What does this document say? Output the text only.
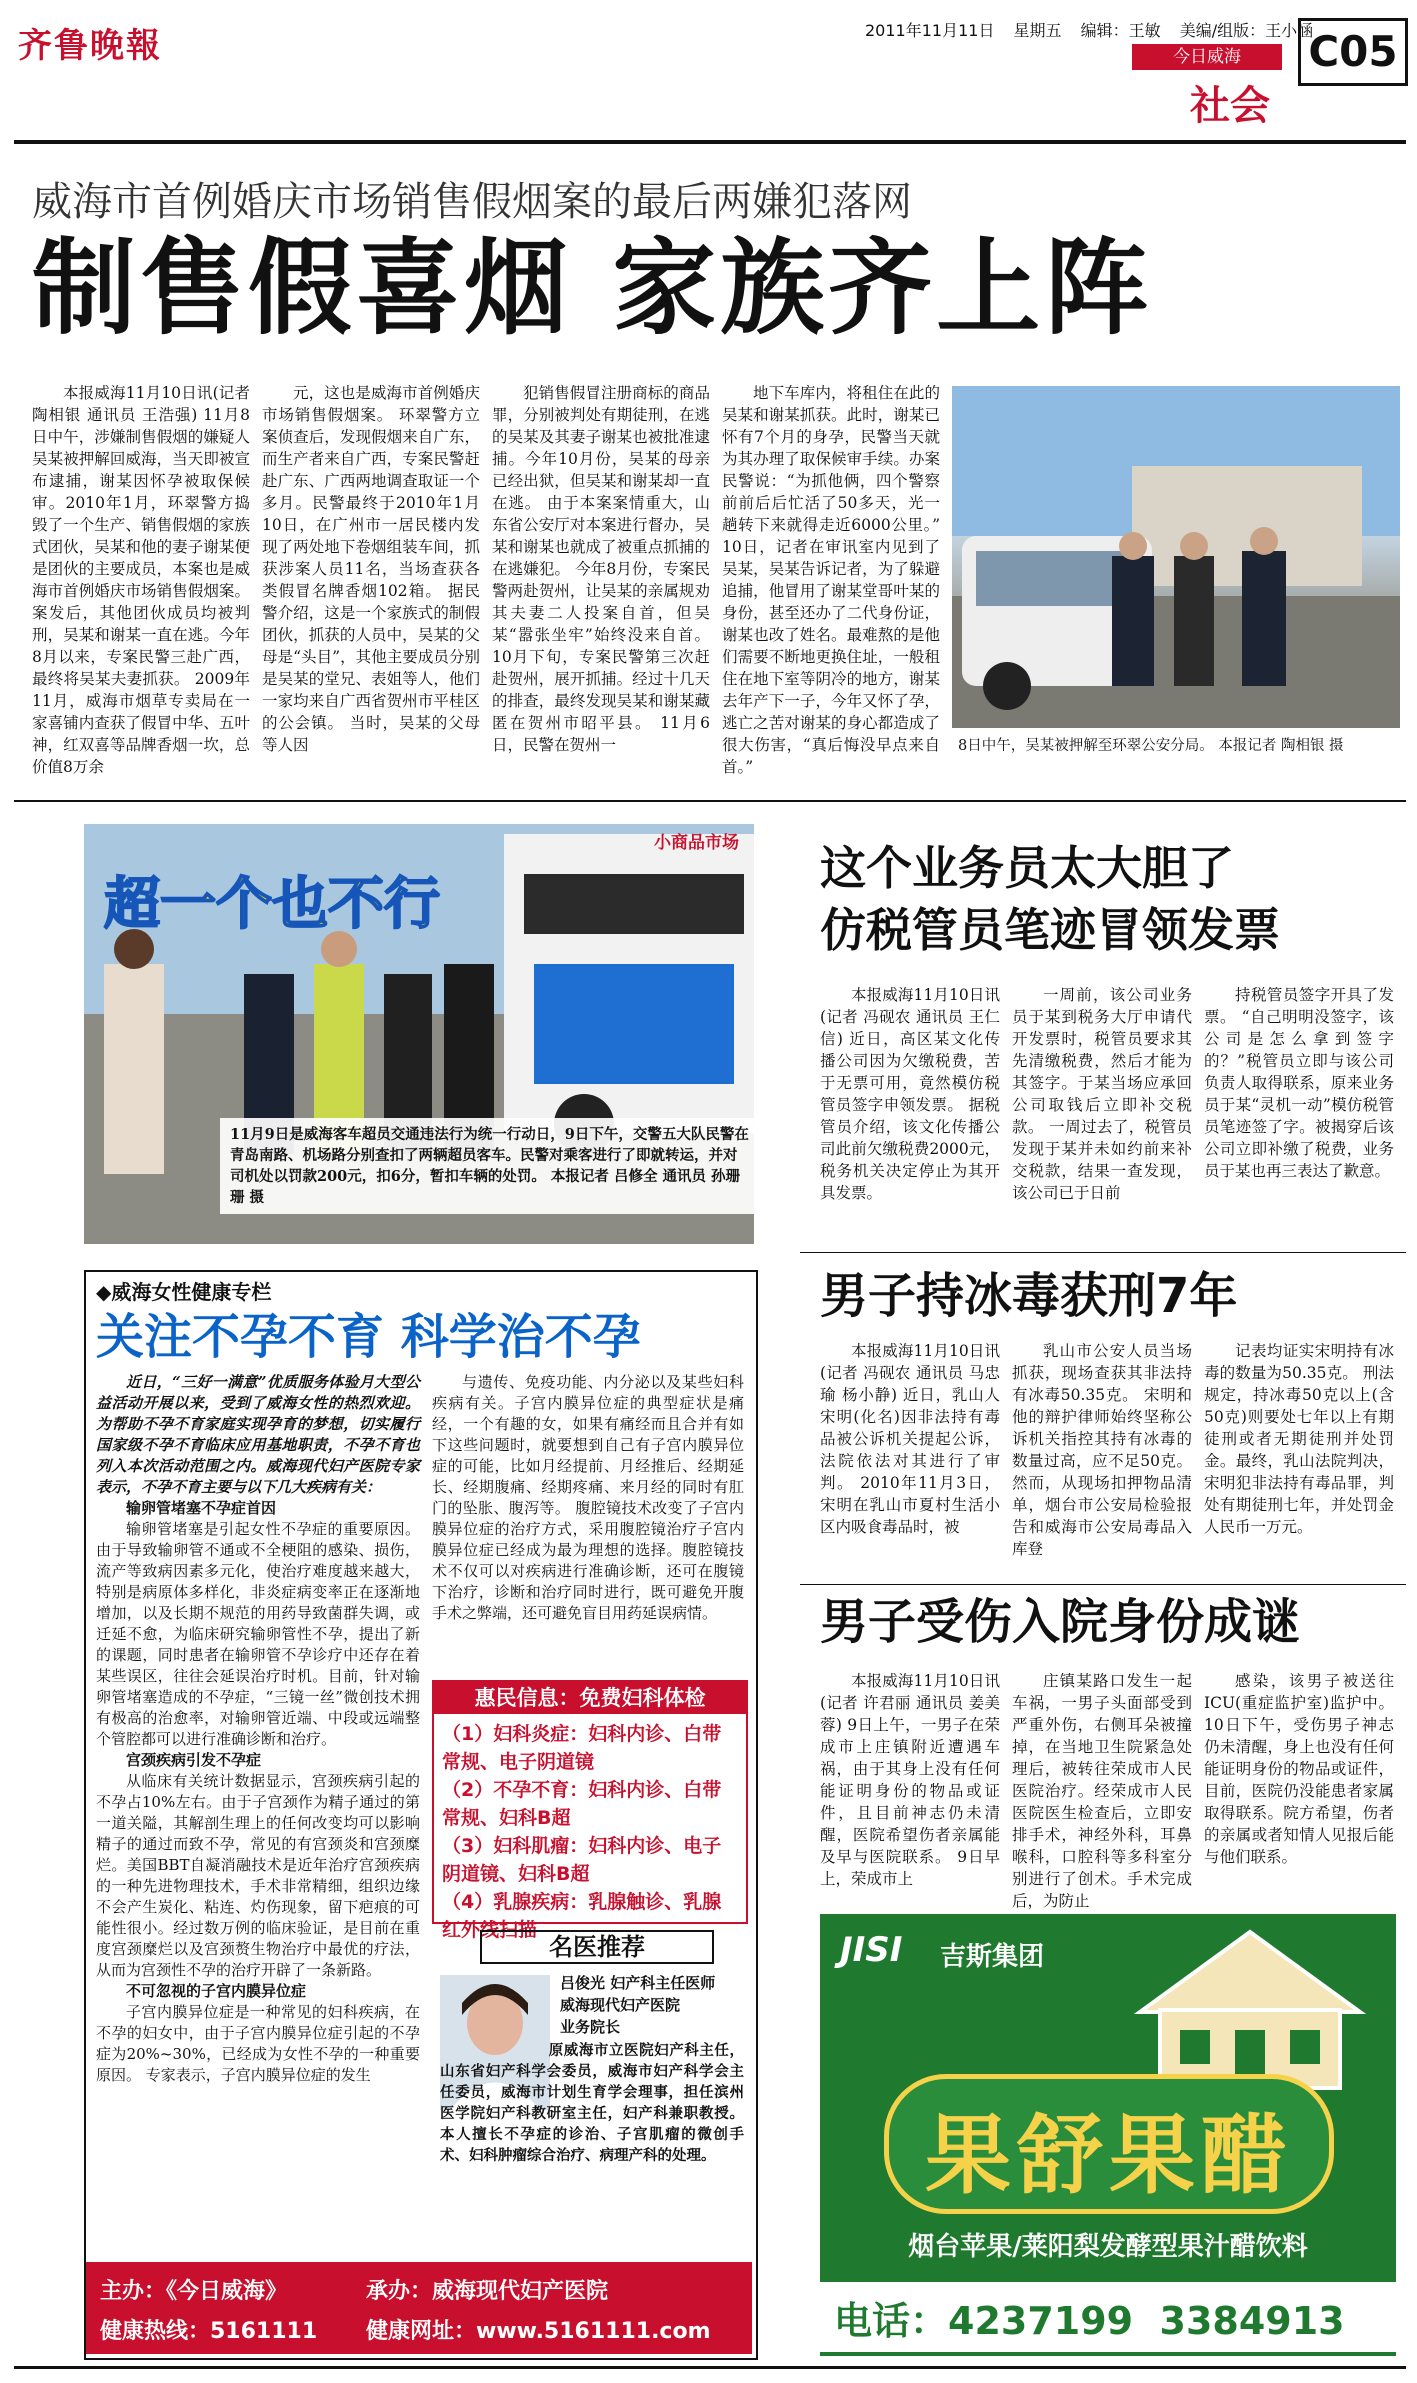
齐鲁晚報	2011年11月11日 星期五 编辑：王敏 美编/组版：王小涵
今日威海
社会
C05
威海市首例婚庆市场销售假烟案的最后两嫌犯落网
制售假喜烟 家族齐上阵

本报威海11月10日讯(记者 陶相银 通讯员 王浩强) 11月8日中午，涉嫌制售假烟的嫌疑人吴某被押解回威海，当天即被宣布逮捕，谢某因怀孕被取保候审。2010年1月，环翠警方捣毁了一个生产、销售假烟的家族式团伙，吴某和他的妻子谢某便是团伙的主要成员，本案也是威海市首例婚庆市场销售假烟案。案发后，其他团伙成员均被判刑，吴某和谢某一直在逃。今年8月以来，专案民警三赴广西，最终将吴某夫妻抓获。 2009年11月，威海市烟草专卖局在一家喜铺内查获了假冒中华、五叶神，红双喜等品牌香烟一坎，总价值8万余

元，这也是威海市首例婚庆市场销售假烟案。 环翠警方立案侦查后，发现假烟来自广东，而生产者来自广西，专案民警赶赴广东、广西两地调查取证一个多月。民警最终于2010年1月10日，在广州市一居民楼内发现了两处地下卷烟组装车间，抓获涉案人员11名，当场查获各类假冒名牌香烟102箱。 据民警介绍，这是一个家族式的制假团伙，抓获的人员中，吴某的父母是“头目”，其他主要成员分别是吴某的堂兄、表姐等人，他们一家均来自广西省贺州市平桂区的公会镇。 当时，吴某的父母等人因

犯销售假冒注册商标的商品罪，分别被判处有期徒刑，在逃的吴某及其妻子谢某也被批准逮捕。今年10月份，吴某的母亲已经出狱，但吴某和谢某却一直在逃。 由于本案案情重大，山东省公安厅对本案进行督办，吴某和谢某也就成了被重点抓捕的在逃嫌犯。 今年8月份，专案民警两赴贺州，让吴某的亲属规劝其夫妻二人投案自首，但吴某“嚣张坐牢”始终没来自首。10月下旬，专案民警第三次赶赴贺州，展开抓捕。经过十几天的排查，最终发现吴某和谢某藏匿在贺州市昭平县。 11月6日，民警在贺州一

地下车库内，将租住在此的吴某和谢某抓获。此时，谢某已怀有7个月的身孕，民警当天就为其办理了取保候审手续。办案民警说：“为抓他俩，四个警察前前后后忙活了50多天，光一趟转下来就得走近6000公里。” 10日，记者在审讯室内见到了吴某，吴某告诉记者，为了躲避追捕，他冒用了谢某堂哥叶某的身份，甚至还办了二代身份证，谢某也改了姓名。最难熬的是他们需要不断地更换住址，一般租住在地下室等阴冷的地方，谢某去年产下一子，今年又怀了孕，逃亡之苦对谢某的身心都造成了很大伤害，“真后悔没早点来自首。”

8日中午，吴某被押解至环翠公安分局。 本报记者 陶相银 摄
超一个也不行
小商品市场
11月9日是威海客车超员交通违法行为统一行动日，9日下午，交警五大队民警在青岛南路、机场路分别查扣了两辆超员客车。民警对乘客进行了即就转运，并对司机处以罚款200元，扣6分，暂扣车辆的处罚。 本报记者 吕修全 通讯员 孙珊珊 摄
◆威海女性健康专栏
关注不孕不育 科学治不孕

近日，“三好一满意”优质服务体验月大型公益活动开展以来，受到了威海女性的热烈欢迎。为帮助不孕不育家庭实现孕育的梦想，切实履行国家级不孕不育临床应用基地职责，不孕不育也列入本次活动范围之内。威海现代妇产医院专家表示，不孕不育主要与以下几大疾病有关：

输卵管堵塞不孕症首因

输卵管堵塞是引起女性不孕症的重要原因。由于导致输卵管不通或不全梗阻的感染、损伤，流产等致病因素多元化，使治疗难度越来越大，特别是病原体多样化，非炎症病变率正在逐渐地增加，以及长期不规范的用药导致菌群失调，或迁延不愈，为临床研究输卵管性不孕，提出了新的课题，同时患者在输卵管不孕诊疗中还存在着某些误区，往往会延误治疗时机。目前，针对输卵管堵塞造成的不孕症，“三镜一丝”微创技术拥有极高的治愈率，对输卵管近端、中段或远端整个管腔都可以进行准确诊断和治疗。

宫颈疾病引发不孕症

从临床有关统计数据显示，宫颈疾病引起的不孕占10%左右。由于子宫颈作为精子通过的第一道关隘，其解剖生理上的任何改变均可以影响精子的通过而致不孕，常见的有宫颈炎和宫颈糜烂。美国BBT自凝消融技术是近年治疗宫颈疾病的一种先进物理技术，手术非常精细，组织边缘不会产生炭化、粘连、灼伤现象，留下疤痕的可能性很小。经过数万例的临床验证，是目前在重度宫颈糜烂以及宫颈赘生物治疗中最优的疗法，从而为宫颈性不孕的治疗开辟了一条新路。

不可忽视的子宫内膜异位症

子宫内膜异位症是一种常见的妇科疾病，在不孕的妇女中，由于子宫内膜异位症引起的不孕症为20%~30%，已经成为女性不孕的一种重要原因。 专家表示，子宫内膜异位症的发生

与遗传、免疫功能、内分泌以及某些妇科疾病有关。子宫内膜异位症的典型症状是痛经，一个有趣的女，如果有痛经而且合并有如下这些问题时，就要想到自己有子宫内膜异位症的可能，比如月经提前、月经推后、经期延长、经期腹痛、经期疼痛、来月经的同时有肛门的坠胀、腹泻等。 腹腔镜技术改变了子宫内膜异位症的治疗方式，采用腹腔镜治疗子宫内膜异位症已经成为最为理想的选择。腹腔镜技术不仅可以对疾病进行准确诊断，还可在腹镜下治疗，诊断和治疗同时进行，既可避免开腹手术之弊端，还可避免盲目用药延误病情。

惠民信息：免费妇科体检
（1）妇科炎症：妇科内诊、白带常规、电子阴道镜
（2）不孕不育：妇科内诊、白带常规、妇科B超
（3）妇科肌瘤：妇科内诊、电子阴道镜、妇科B超
（4）乳腺疾病：乳腺触诊、乳腺红外线扫描
名医推荐
吕俊光 妇产科主任医师
威海现代妇产医院
业务院长

原威海市立医院妇产科主任，山东省妇产科学会委员，威海市妇产科学会主任委员，威海市计划生育学会理事，担任滨州医学院妇产科教研室主任，妇产科兼职教授。本人擅长不孕症的诊治、子宫肌瘤的微创手术、妇科肿瘤综合治疗、病理产科的处理。

主办：《今日威海》	承办：威海现代妇产医院
健康热线：5161111 健康网址：www.5161111.com
这个业务员太大胆了
仿税管员笔迹冒领发票

本报威海11月10日讯(记者 冯砚农 通讯员 王仁信) 近日，高区某文化传播公司因为欠缴税费，苦于无票可用，竟然模仿税管员签字申领发票。 据税管员介绍，该文化传播公司此前欠缴税费2000元，税务机关决定停止为其开具发票。

一周前，该公司业务员于某到税务大厅申请代开发票时，税管员要求其先清缴税费，然后才能为其签字。于某当场应承回公司取钱后立即补交税款。 一周过去了，税管员发现于某并未如约前来补交税款，结果一查发现，该公司已于日前

持税管员签字开具了发票。 “自己明明没签字，该公司是怎么拿到签字的？”税管员立即与该公司负责人取得联系，原来业务员于某“灵机一动”模仿税管员笔迹签了字。被揭穿后该公司立即补缴了税费，业务员于某也再三表达了歉意。

男子持冰毒获刑7年

本报威海11月10日讯(记者 冯砚农 通讯员 马忠瑜 杨小静) 近日，乳山人宋明(化名)因非法持有毒品被公诉机关提起公诉，法院依法对其进行了审判。 2010年11月3日，宋明在乳山市夏村生活小区内吸食毒品时，被

乳山市公安人员当场抓获，现场查获其非法持有冰毒50.35克。 宋明和他的辩护律师始终坚称公诉机关指控其持有冰毒的数量过高，应不足50克。然而，从现场扣押物品清单，烟台市公安局检验报告和威海市公安局毒品入库登

记表均证实宋明持有冰毒的数量为50.35克。 刑法规定，持冰毒50克以上(含50克)则要处七年以上有期徒刑或者无期徒刑并处罚金。最终，乳山法院判决，宋明犯非法持有毒品罪，判处有期徒刑七年，并处罚金人民币一万元。

男子受伤入院身份成谜

本报威海11月10日讯(记者 许君丽 通讯员 姜美蓉) 9日上午，一男子在荣成市上庄镇附近遭遇车祸，由于其身上没有任何能证明身份的物品或证件，且目前神志仍未清醒，医院希望伤者亲属能及早与医院联系。 9日早上，荣成市上

庄镇某路口发生一起车祸，一男子头面部受到严重外伤，右侧耳朵被撞掉，在当地卫生院紧急处理后，被转往荣成市人民医院治疗。经荣成市人民医院医生检查后，立即安排手术，神经外科，耳鼻喉科，口腔科等多科室分别进行了创术。手术完成后，为防止

感染，该男子被送往ICU(重症监护室)监护中。 10日下午，受伤男子神志仍未清醒，身上也没有任何能证明身份的物品或证件，目前，医院仍没能患者家属取得联系。院方希望，伤者的亲属或者知情人见报后能与他们联系。

JISI 吉斯集团
果舒果醋
烟台苹果/莱阳梨发酵型果汁醋饮料
电话：4237199  3384913
